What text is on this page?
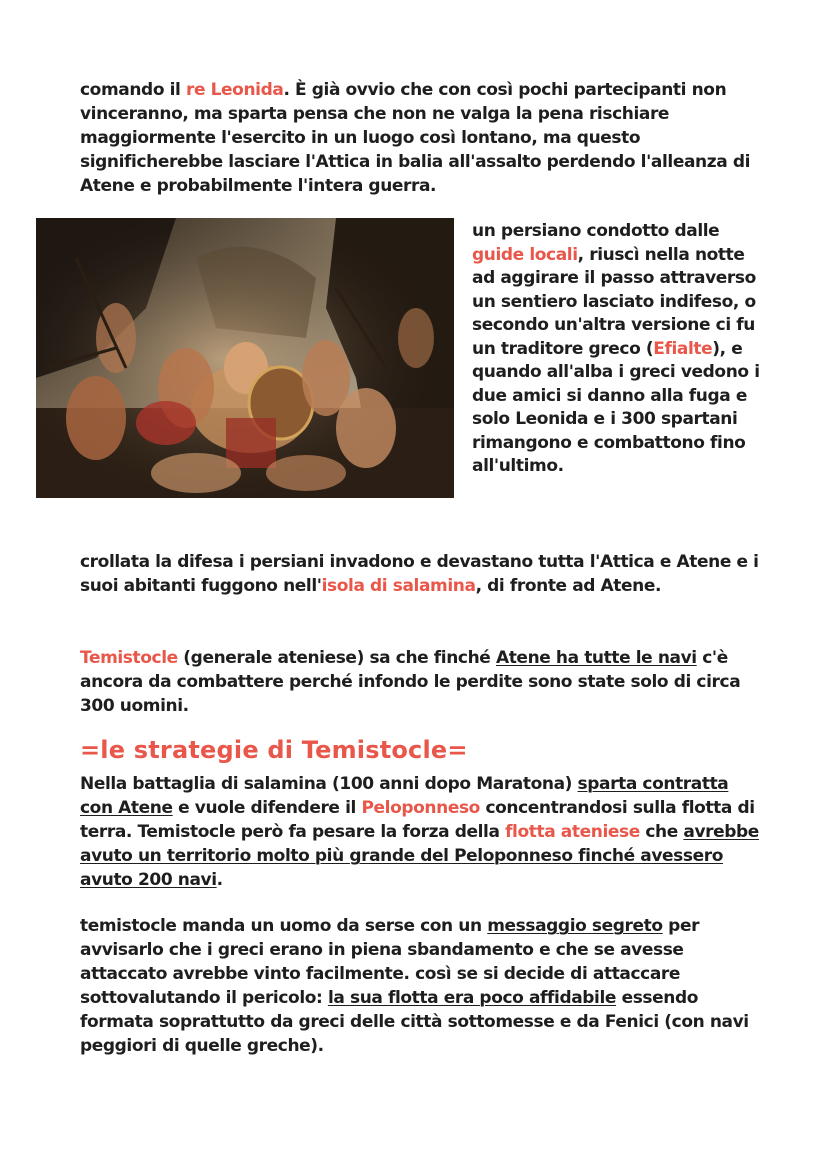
comando il re Leonida. È già ovvio che con così pochi partecipanti non vinceranno, ma sparta pensa che non ne valga la pena rischiare maggiormente l'esercito in un luogo così lontano, ma questo significherebbe lasciare l'Attica in balia all'assalto perdendo l'alleanza di Atene e probabilmente l'intera guerra.

un persiano condotto dalle guide locali, riuscì nella notte ad aggirare il passo attraverso un sentiero lasciato indifeso, o secondo un'altra versione ci fu un traditore greco (Efialte), e quando all'alba i greci vedono i due amici si danno alla fuga e solo Leonida e i 300 spartani rimangono e combattono fino all'ultimo.

crollata la difesa i persiani invadono e devastano tutta l'Attica e Atene e i suoi abitanti fuggono nell'isola di salamina, di fronte ad Atene.

Temistocle (generale ateniese) sa che finché Atene ha tutte le navi c'è ancora da combattere perché infondo le perdite sono state solo di circa 300 uomini.

=le strategie di Temistocle=

Nella battaglia di salamina (100 anni dopo Maratona) sparta contratta con Atene e vuole difendere il Peloponneso concentrandosi sulla flotta di terra. Temistocle però fa pesare la forza della flotta ateniese che avrebbe avuto un territorio molto più grande del Peloponneso finché avessero avuto 200 navi.

temistocle manda un uomo da serse con un messaggio segreto per avvisarlo che i greci erano in piena sbandamento e che se avesse attaccato avrebbe vinto facilmente. così se si decide di attaccare sottovalutando il pericolo: la sua flotta era poco affidabile essendo formata soprattutto da greci delle città sottomesse e da Fenici (con navi peggiori di quelle greche).
